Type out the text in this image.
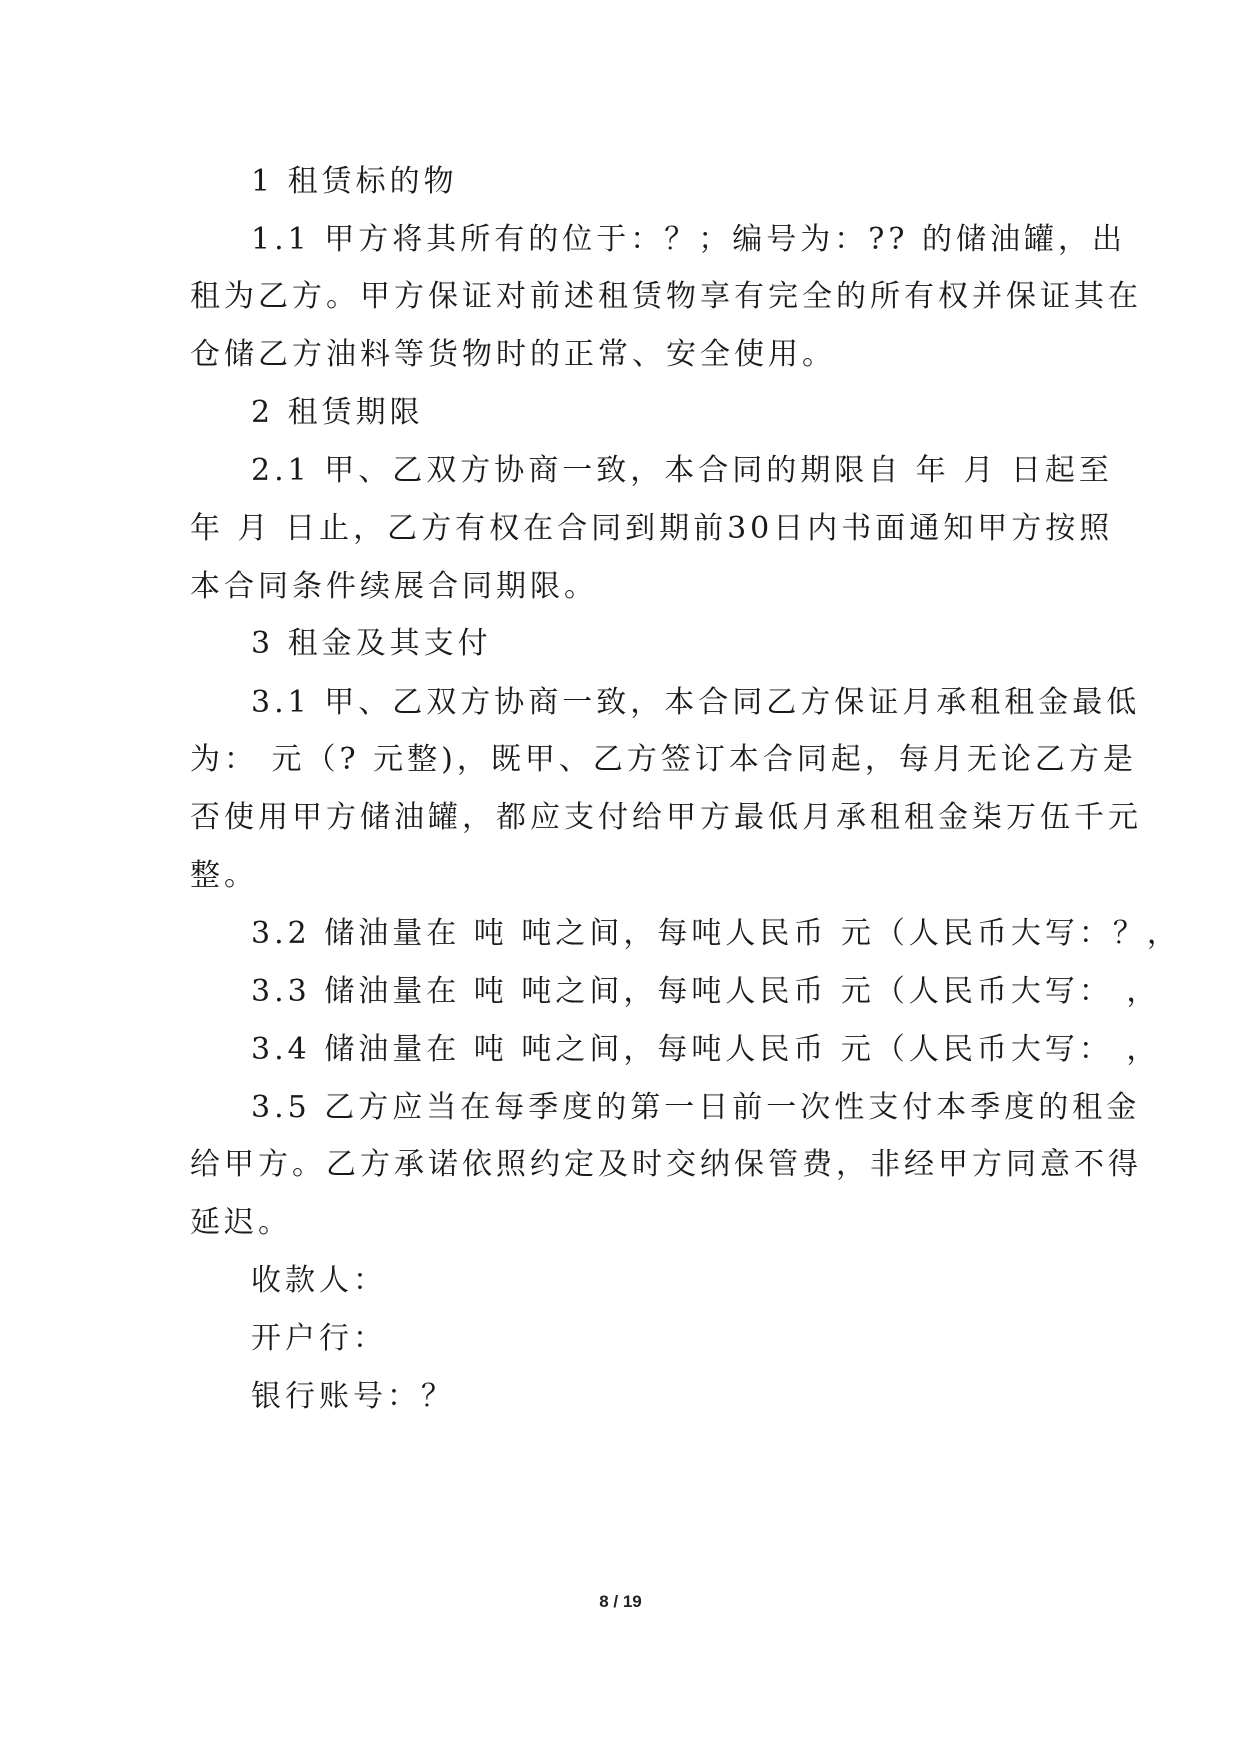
1 租赁标的物
1.1 甲方将其所有的位于：？；编号为：?? 的储油罐，出
租为乙方。甲方保证对前述租赁物享有完全的所有权并保证其在
仓储乙方油料等货物时的正常、安全使用。
2 租赁期限
2.1 甲、乙双方协商一致，本合同的期限自 年 月 日起至
年 月 日止，乙方有权在合同到期前30日内书面通知甲方按照
本合同条件续展合同期限。
3 租金及其支付
3.1 甲、乙双方协商一致，本合同乙方保证月承租租金最低
为： 元（? 元整)，既甲、乙方签订本合同起，每月无论乙方是
否使用甲方储油罐，都应支付给甲方最低月承租租金柒万伍千元
整。
3.2 储油量在 吨 吨之间，每吨人民币 元（人民币大写：？，
3.3 储油量在 吨 吨之间，每吨人民币 元（人民币大写： ，
3.4 储油量在 吨 吨之间，每吨人民币 元（人民币大写： ，
3.5 乙方应当在每季度的第一日前一次性支付本季度的租金
给甲方。乙方承诺依照约定及时交纳保管费，非经甲方同意不得
延迟。
收款人：
开户行：
银行账号：？
8 / 19
